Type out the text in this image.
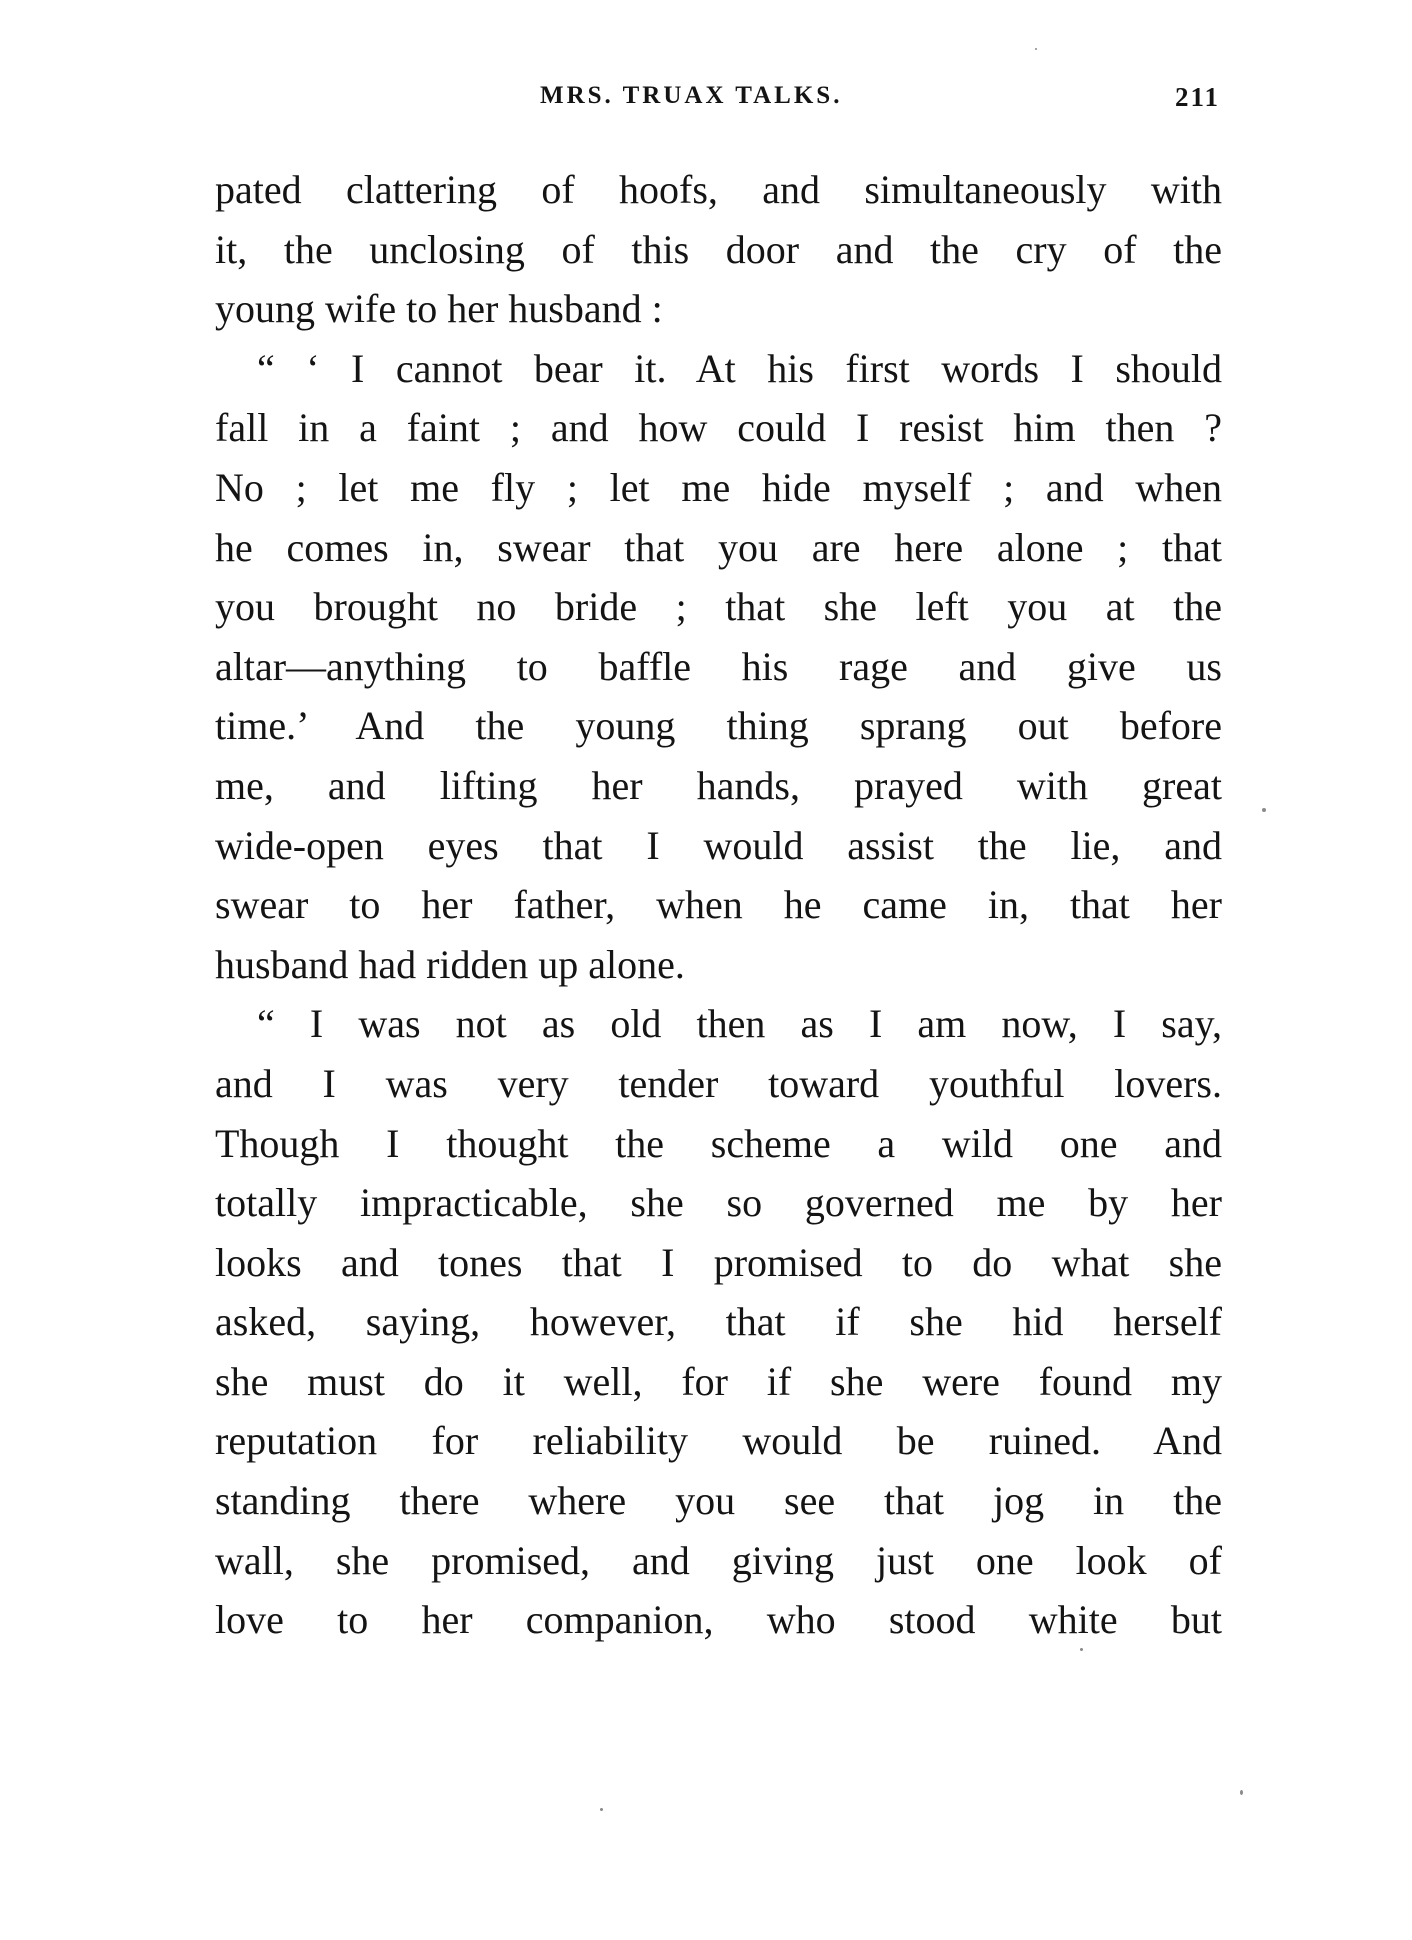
MRS. TRUAX TALKS.	211
pated clattering of hoofs, and simultaneously with
it, the unclosing of this door and the cry of the
young wife to her husband :
“ ‘ I cannot bear it. At his first words I should
fall in a faint ; and how could I resist him then ?
No ; let me fly ; let me hide myself ; and when
he comes in, swear that you are here alone ; that
you brought no bride ; that she left you at the
altar—anything to baffle his rage and give us
time.’ And the young thing sprang out before
me, and lifting her hands, prayed with great
wide-open eyes that I would assist the lie, and
swear to her father, when he came in, that her
husband had ridden up alone.
“ I was not as old then as I am now, I say,
and I was very tender toward youthful lovers.
Though I thought the scheme a wild one and
totally impracticable, she so governed me by her
looks and tones that I promised to do what she
asked, saying, however, that if she hid herself
she must do it well, for if she were found my
reputation for reliability would be ruined. And
standing there where you see that jog in the
wall, she promised, and giving just one look of
love to her companion, who stood white but
